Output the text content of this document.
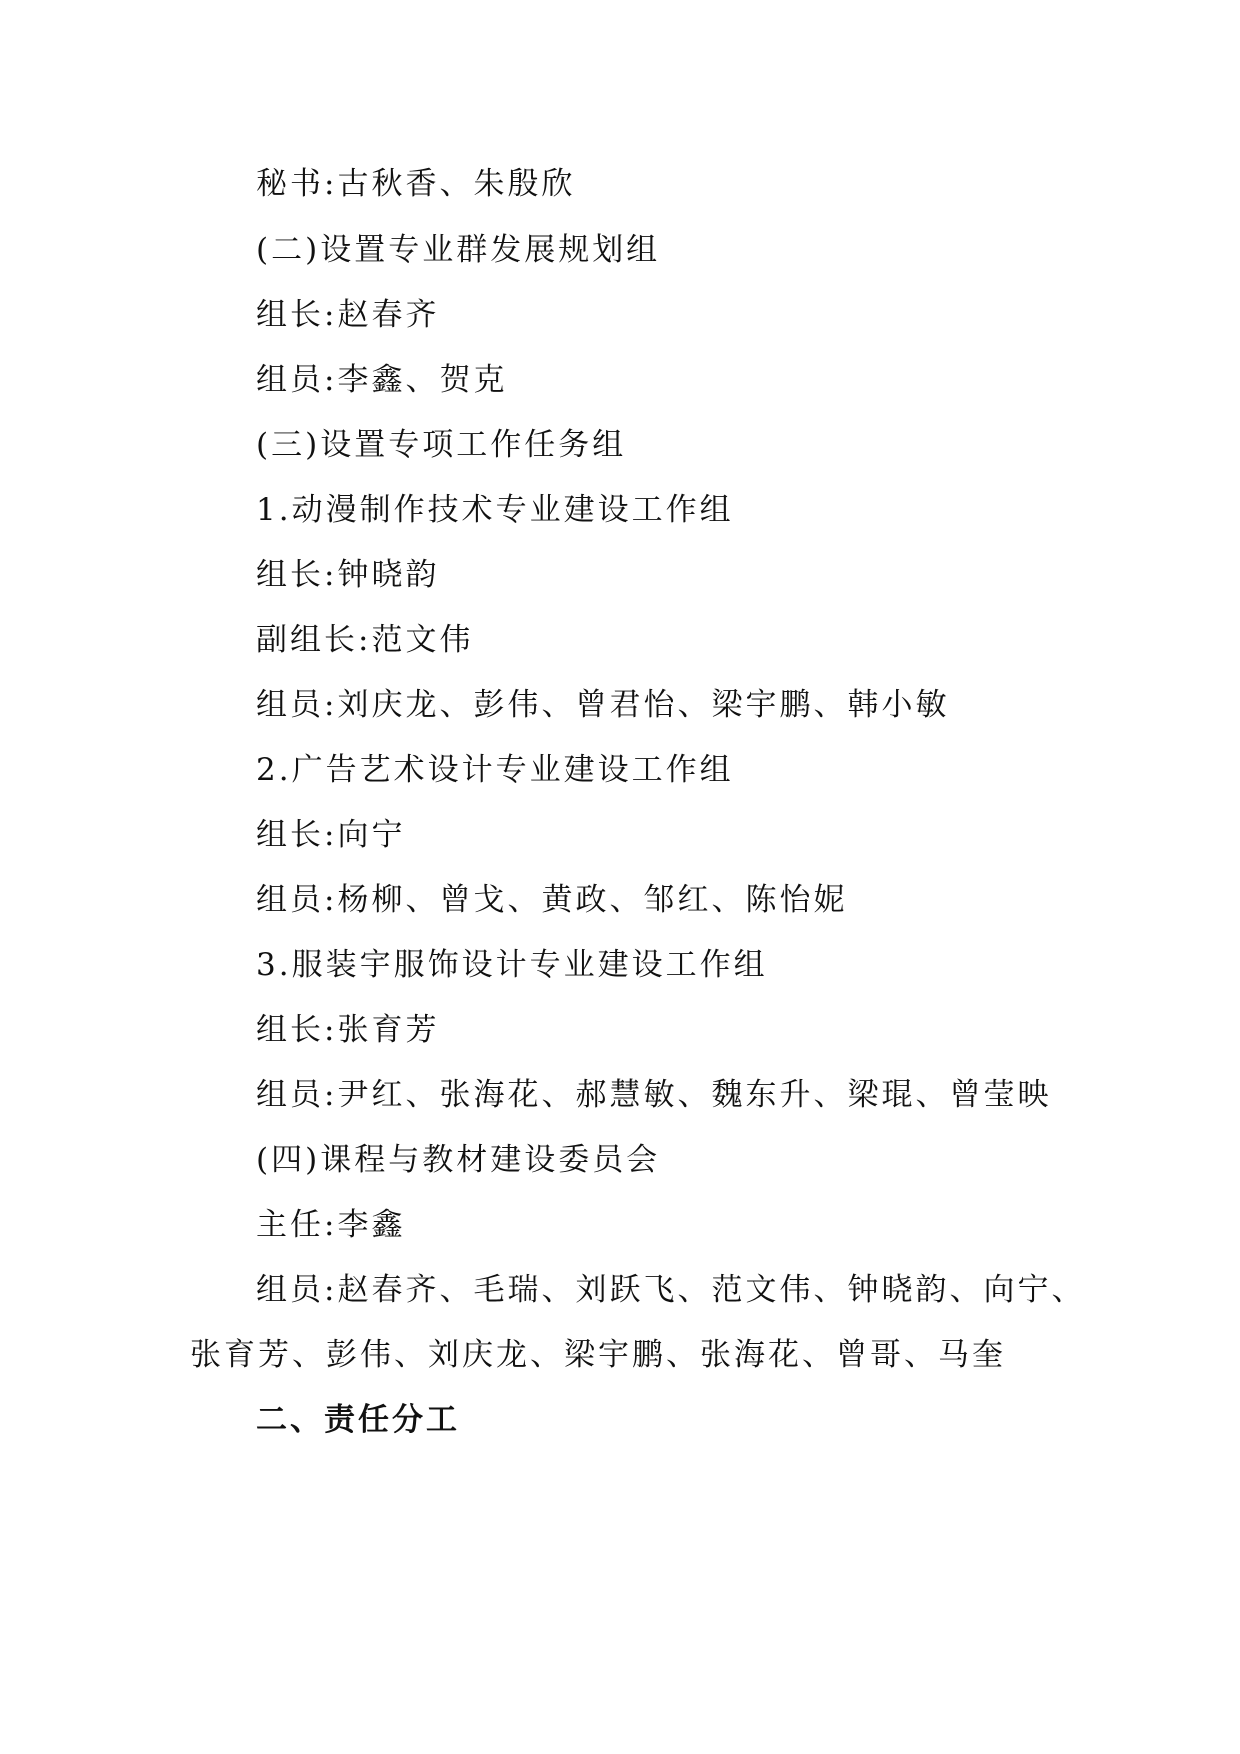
秘书:古秋香、朱殷欣
(二)设置专业群发展规划组
组长:赵春齐
组员:李鑫、贺克
(三)设置专项工作任务组
1.动漫制作技术专业建设工作组
组长:钟晓韵
副组长:范文伟
组员:刘庆龙、彭伟、曾君怡、梁宇鹏、韩小敏
2.广告艺术设计专业建设工作组
组长:向宁
组员:杨柳、曾戈、黄政、邹红、陈怡妮
3.服装宇服饰设计专业建设工作组
组长:张育芳
组员:尹红、张海花、郝慧敏、魏东升、梁琨、曾莹映
(四)课程与教材建设委员会
主任:李鑫
组员:赵春齐、毛瑞、刘跃飞、范文伟、钟晓韵、向宁、
张育芳、彭伟、刘庆龙、梁宇鹏、张海花、曾哥、马奎
二、责任分工
